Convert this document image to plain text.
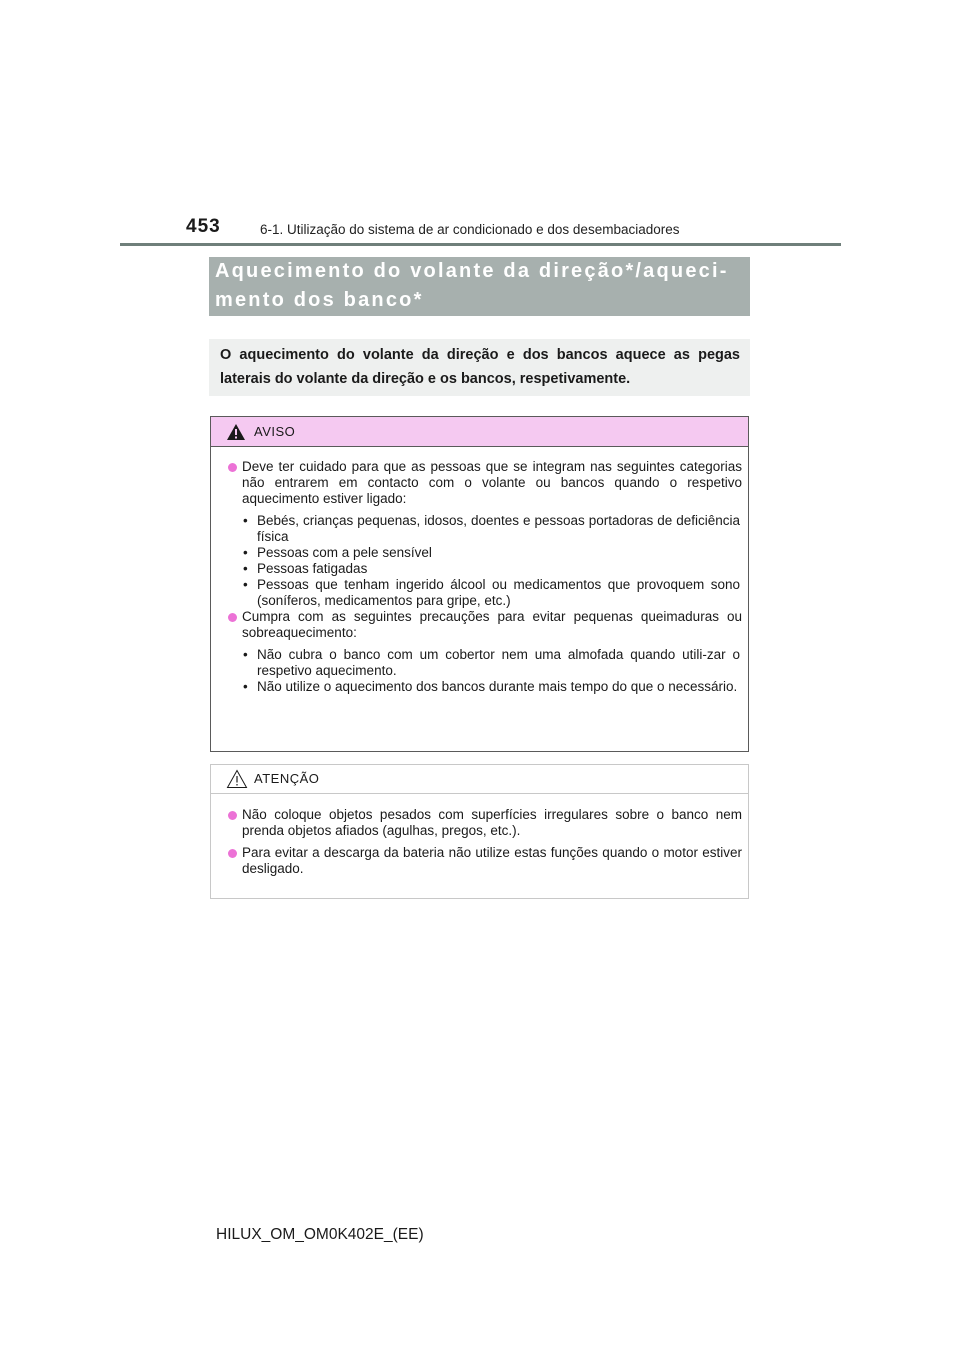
453	6-1. Utilização do sistema de ar condicionado e dos desembaciadores
Aquecimento do volante da direção*/aqueci-
mento dos banco*
O aquecimento do volante da direção e dos bancos aquece as pegas laterais do volante da direção e os bancos, respetivamente.
AVISO
Deve ter cuidado para que as pessoas que se integram nas seguintes categorias não entrarem em contacto com o volante ou bancos quando o respetivo aquecimento estiver ligado:
• Bebés, crianças pequenas, idosos, doentes e pessoas portadoras de deficiência física
• Pessoas com a pele sensível
• Pessoas fatigadas
• Pessoas que tenham ingerido álcool ou medicamentos que provoquem sono (soníferos, medicamentos para gripe, etc.)
Cumpra com as seguintes precauções para evitar pequenas queimaduras ou sobreaquecimento:
• Não cubra o banco com um cobertor nem uma almofada quando utili-zar o respetivo aquecimento.
• Não utilize o aquecimento dos bancos durante mais tempo do que o necessário.
ATENÇÃO
Não coloque objetos pesados com superfícies irregulares sobre o banco nem prenda objetos afiados (agulhas, pregos, etc.).
Para evitar a descarga da bateria não utilize estas funções quando o motor estiver desligado.
HILUX_OM_OM0K402E_(EE)
